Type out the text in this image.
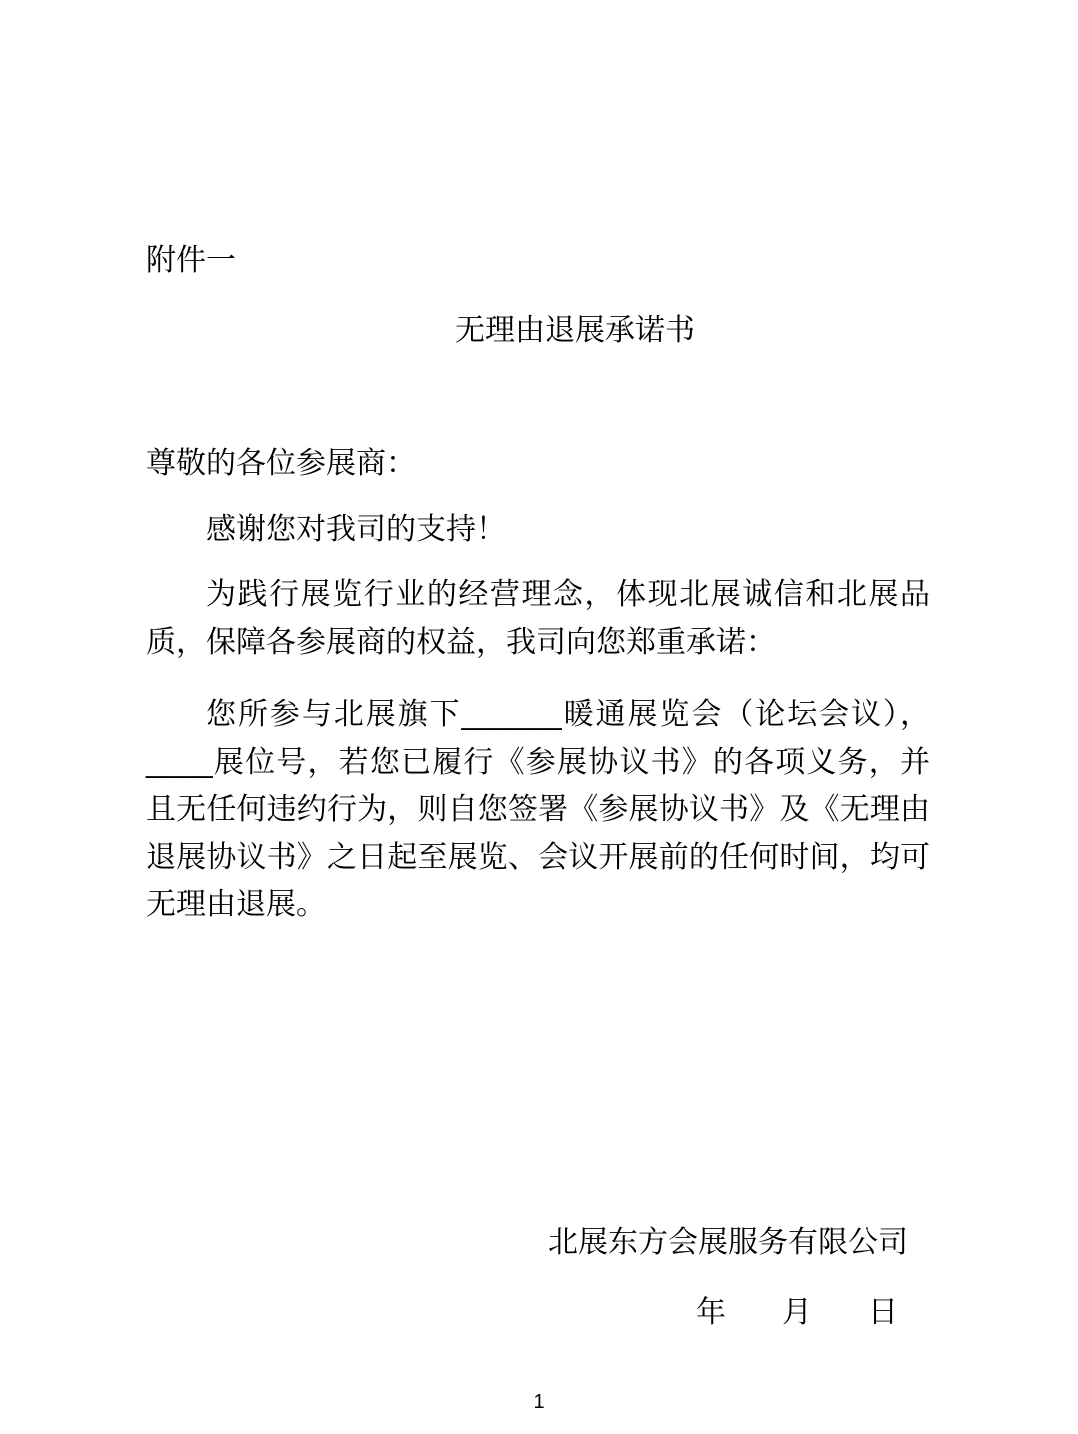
附件一
无理由退展承诺书

尊敬的各位参展商：

感谢您对我司的支持！

为践行展览行业的经营理念，体现北展诚信和北展品质，保障各参展商的权益，我司向您郑重承诺：

您所参与北展旗下______暖通展览会（论坛会议），____展位号，若您已履行《参展协议书》的各项义务，并且无任何违约行为，则自您签署《参展协议书》及《无理由退展协议书》之日起至展览、会议开展前的任何时间，均可无理由退展。

北展东方会展服务有限公司
年 月 日
1
